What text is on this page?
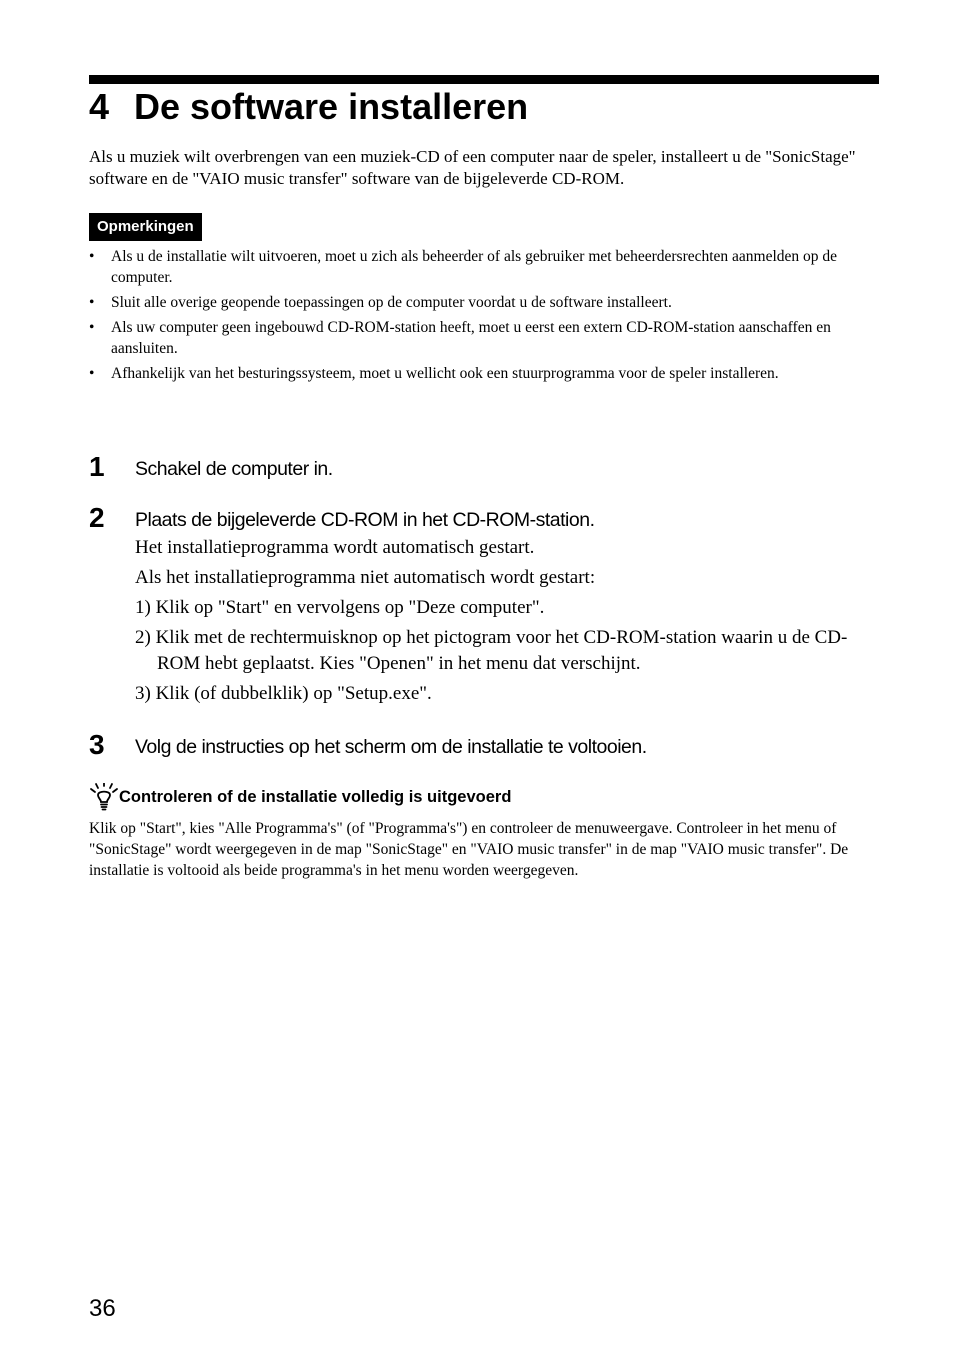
4 De software installeren

Als u muziek wilt overbrengen van een muziek-CD of een computer naar de speler, installeert u de "SonicStage" software en de "VAIO music transfer" software van de bijgeleverde CD-ROM.

Opmerkingen
• Als u de installatie wilt uitvoeren, moet u zich als beheerder of als gebruiker met beheerdersrechten aanmelden op de computer.
• Sluit alle overige geopende toepassingen op de computer voordat u de software installeert.
• Als uw computer geen ingebouwd CD-ROM-station heeft, moet u eerst een extern CD-ROM-station aanschaffen en aansluiten.
• Afhankelijk van het besturingssysteem, moet u wellicht ook een stuurprogramma voor de speler installeren.
1 Schakel de computer in.
2 Plaats de bijgeleverde CD-ROM in het CD-ROM-station.

Het installatieprogramma wordt automatisch gestart.

Als het installatieprogramma niet automatisch wordt gestart:

1) Klik op "Start" en vervolgens op "Deze computer".

2) Klik met de rechtermuisknop op het pictogram voor het CD-ROM-station waarin u de CD-ROM hebt geplaatst. Kies "Openen" in het menu dat verschijnt.

3) Klik (of dubbelklik) op "Setup.exe".

3 Volg de instructies op het scherm om de installatie te voltooien.
Controleren of de installatie volledig is uitgevoerd

Klik op "Start", kies "Alle Programma's" (of "Programma's") en controleer de menuweergave. Controleer in het menu of "SonicStage" wordt weergegeven in de map "SonicStage" en "VAIO music transfer" in de map "VAIO music transfer". De installatie is voltooid als beide programma's in het menu worden weergegeven.

36
